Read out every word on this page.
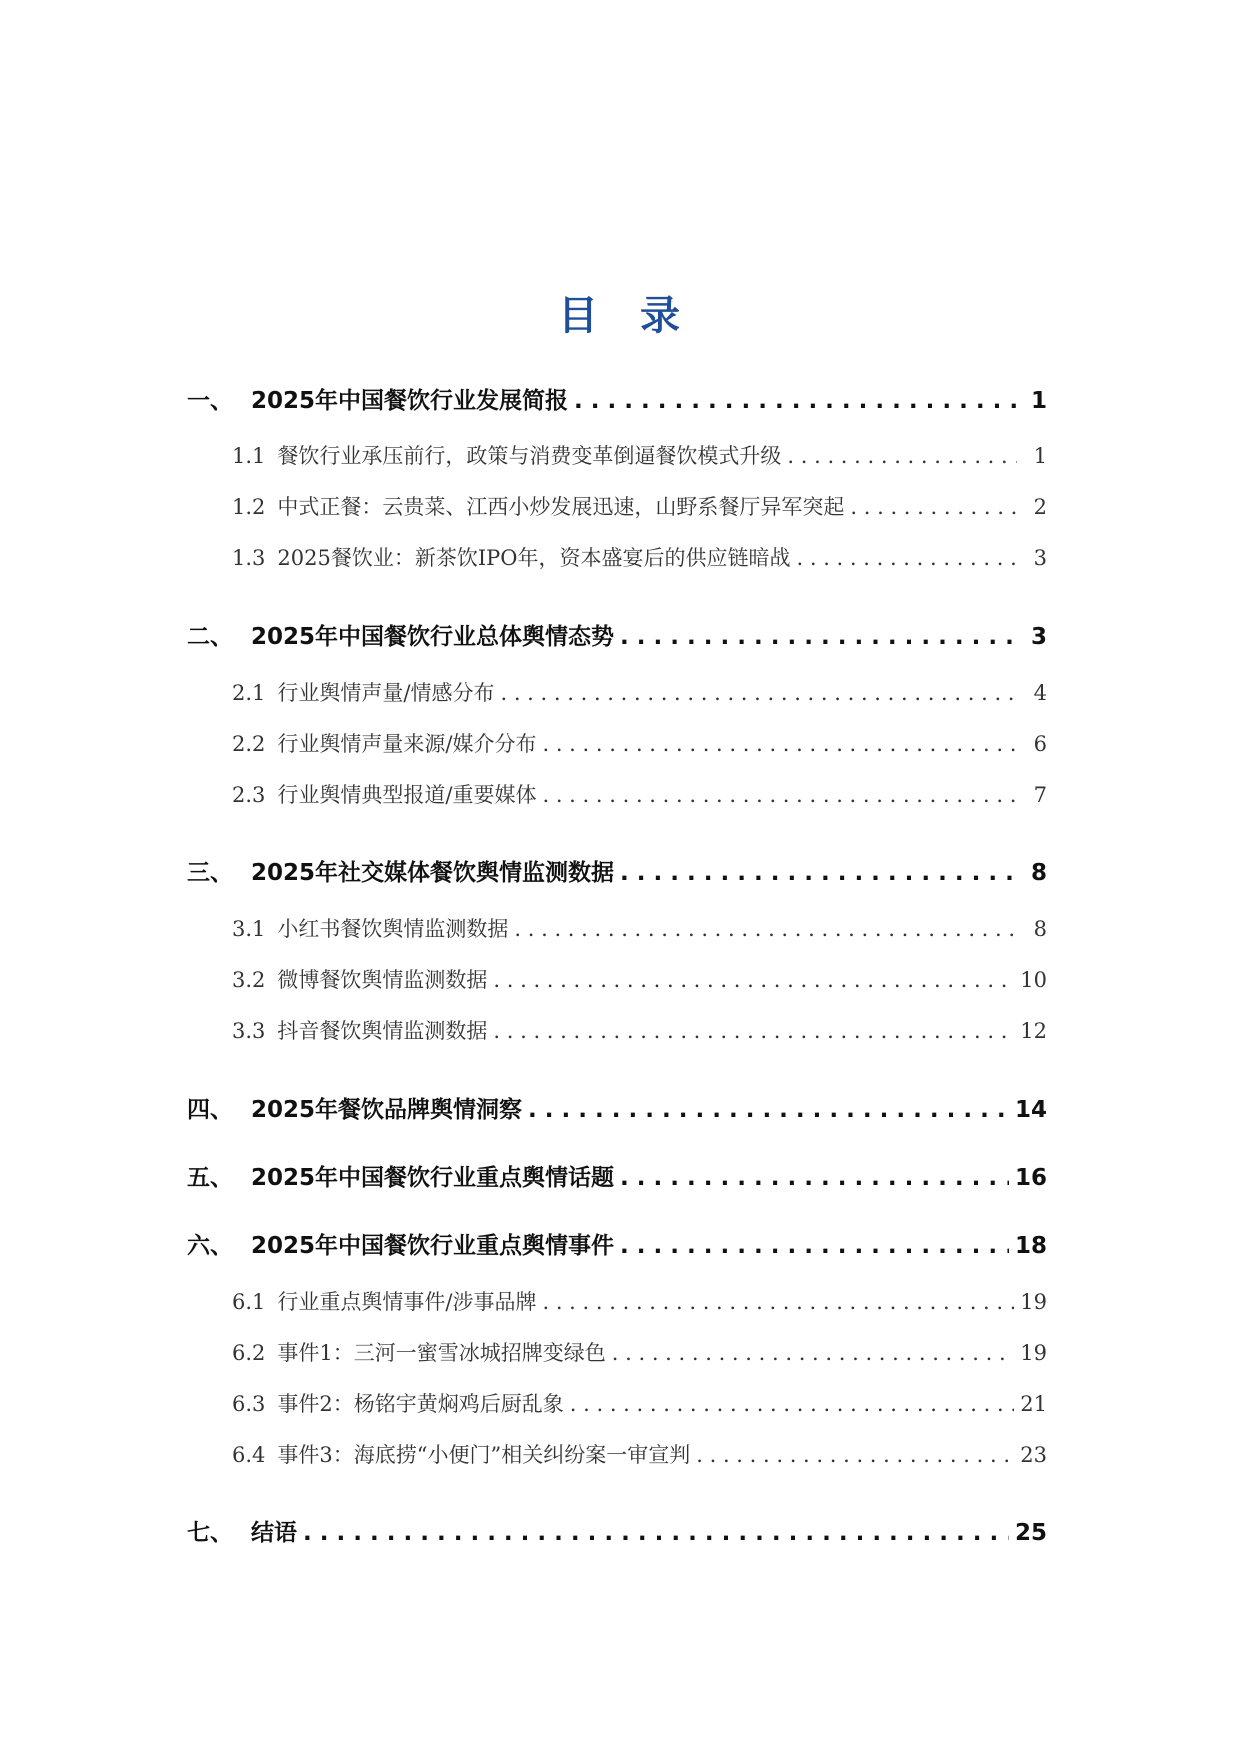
目 录
一、 2025年中国餐饮行业发展简报 . . .	1
1.1 餐饮行业承压前行，政策与消费变革倒逼餐饮模式升级 . . .	1
1.2 中式正餐：云贵菜、江西小炒发展迅速，山野系餐厅异军突起 . . .	2
1.3 2025餐饮业：新茶饮IPO年，资本盛宴后的供应链暗战 . . .	3
二、 2025年中国餐饮行业总体舆情态势 . . .	3
2.1 行业舆情声量/情感分布 . . .	4
2.2 行业舆情声量来源/媒介分布 . . .	6
2.3 行业舆情典型报道/重要媒体 . . .	7
三、 2025年社交媒体餐饮舆情监测数据 . . .	8
3.1 小红书餐饮舆情监测数据 . . .	8
3.2 微博餐饮舆情监测数据 . . .	10
3.3 抖音餐饮舆情监测数据 . . .	12
四、 2025年餐饮品牌舆情洞察 . . .	14
五、 2025年中国餐饮行业重点舆情话题 . . .	16
六、 2025年中国餐饮行业重点舆情事件 . . .	18
6.1 行业重点舆情事件/涉事品牌 . . .	19
6.2 事件1：三河一蜜雪冰城招牌变绿色 . . .	19
6.3 事件2：杨铭宇黄焖鸡后厨乱象 . . .	21
6.4 事件3：海底捞“小便门”相关纠纷案一审宣判 . . .	23
七、 结语 . . .	25
